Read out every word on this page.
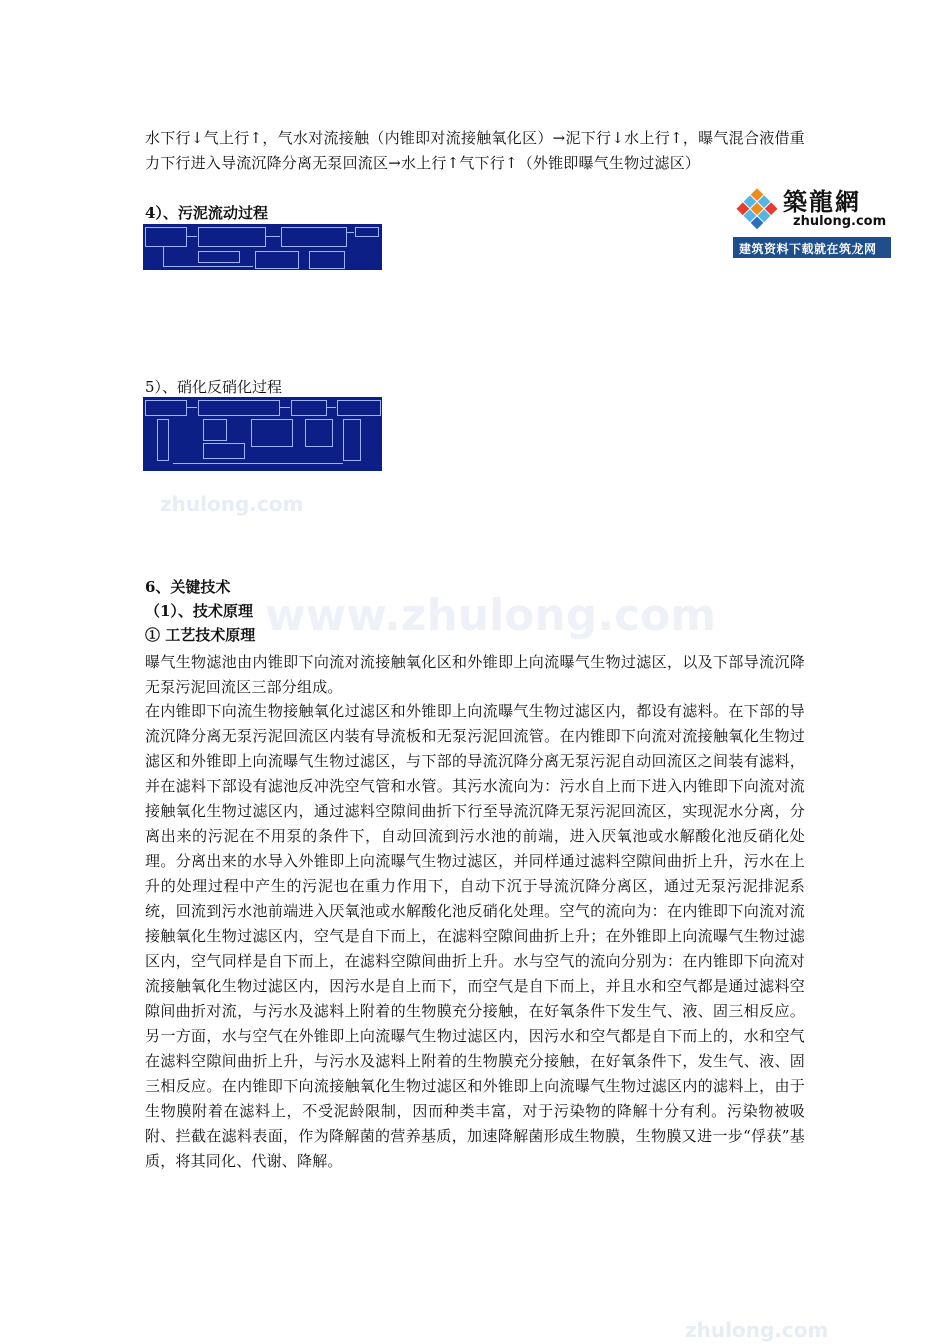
www.zhulong.com
zhulong.com
zhulong.com

水下行↓气上行↑，气水对流接触（内锥即对流接触氧化区）→泥下行↓水上行↑，曝气混合液借重力下行进入导流沉降分离无泵回流区→水上行↑气下行↑（外锥即曝气生物过滤区）

築龍網
zhulong.com
建筑资料下载就在筑龙网

4）、污泥流动过程

5）、硝化反硝化过程

6、关键技术

（1）、技术原理

① 工艺技术原理

曝气生物滤池由内锥即下向流对流接触氧化区和外锥即上向流曝气生物过滤区，以及下部导流沉降无泵污泥回流区三部分组成。

在内锥即下向流生物接触氧化过滤区和外锥即上向流曝气生物过滤区内，都设有滤料。在下部的导流沉降分离无泵污泥回流区内装有导流板和无泵污泥回流管。在内锥即下向流对流接触氧化生物过滤区和外锥即上向流曝气生物过滤区，与下部的导流沉降分离无泵污泥自动回流区之间装有滤料，并在滤料下部设有滤池反冲洗空气管和水管。其污水流向为：污水自上而下进入内锥即下向流对流接触氧化生物过滤区内，通过滤料空隙间曲折下行至导流沉降无泵污泥回流区，实现泥水分离，分离出来的污泥在不用泵的条件下，自动回流到污水池的前端，进入厌氧池或水解酸化池反硝化处理。分离出来的水导入外锥即上向流曝气生物过滤区，并同样通过滤料空隙间曲折上升，污水在上升的处理过程中产生的污泥也在重力作用下，自动下沉于导流沉降分离区，通过无泵污泥排泥系统，回流到污水池前端进入厌氧池或水解酸化池反硝化处理。空气的流向为：在内锥即下向流对流接触氧化生物过滤区内，空气是自下而上，在滤料空隙间曲折上升；在外锥即上向流曝气生物过滤区内，空气同样是自下而上，在滤料空隙间曲折上升。水与空气的流向分别为：在内锥即下向流对流接触氧化生物过滤区内，因污水是自上而下，而空气是自下而上，并且水和空气都是通过滤料空隙间曲折对流，与污水及滤料上附着的生物膜充分接触，在好氧条件下发生气、液、固三相反应。另一方面，水与空气在外锥即上向流曝气生物过滤区内，因污水和空气都是自下而上的，水和空气在滤料空隙间曲折上升，与污水及滤料上附着的生物膜充分接触，在好氧条件下，发生气、液、固三相反应。在内锥即下向流接触氧化生物过滤区和外锥即上向流曝气生物过滤区内的滤料上，由于生物膜附着在滤料上，不受泥龄限制，因而种类丰富，对于污染物的降解十分有利。污染物被吸附、拦截在滤料表面，作为降解菌的营养基质，加速降解菌形成生物膜，生物膜又进一步“俘获”基质，将其同化、代谢、降解。
